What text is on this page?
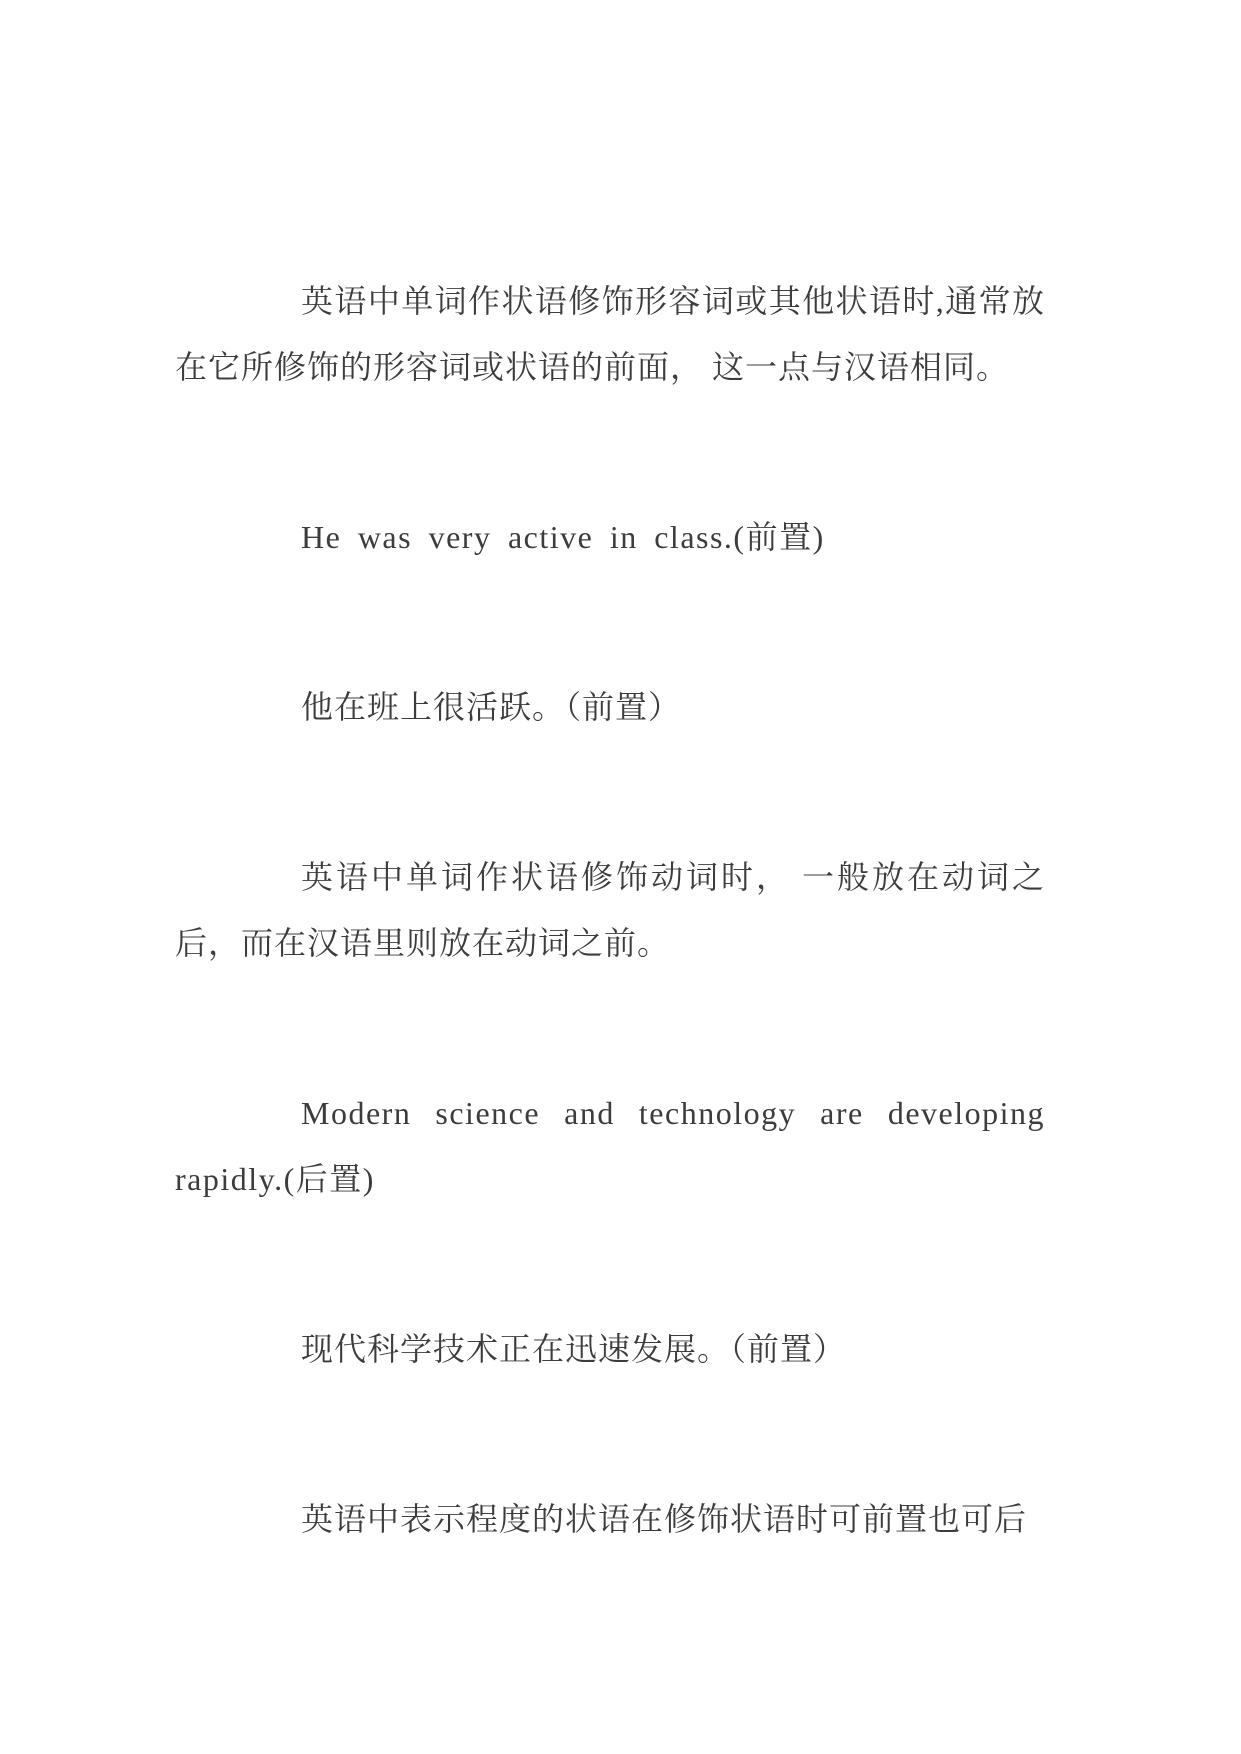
英语中单词作状语修饰形容词或其他状语时,通常放在它所修饰的形容词或状语的前面， 这一点与汉语相同。

He was very active in class.(前置)

他在班上很活跃。（前置）

英语中单词作状语修饰动词时， 一般放在动词之后，而在汉语里则放在动词之前。

Modern science and technology are developing rapidly.(后置)

现代科学技术正在迅速发展。（前置）

英语中表示程度的状语在修饰状语时可前置也可后
